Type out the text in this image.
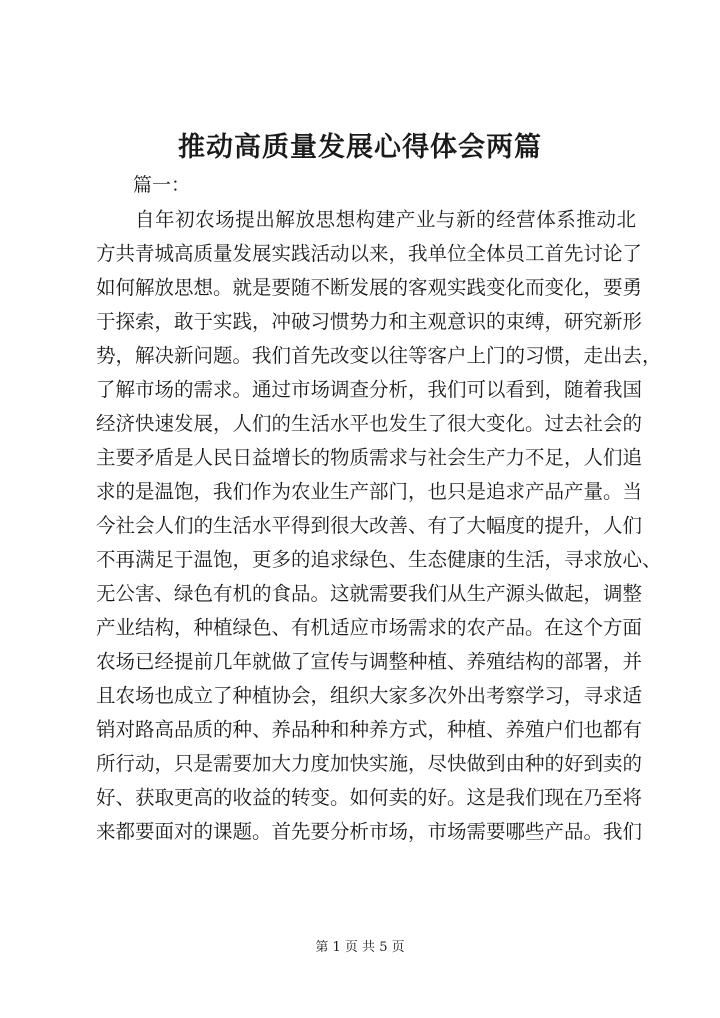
推动高质量发展心得体会两篇
篇一：
自年初农场提出解放思想构建产业与新的经营体系推动北
方共青城高质量发展实践活动以来，我单位全体员工首先讨论了
如何解放思想。就是要随不断发展的客观实践变化而变化，要勇
于探索，敢于实践，冲破习惯势力和主观意识的束缚，研究新形
势，解决新问题。我们首先改变以往等客户上门的习惯，走出去，
了解市场的需求。通过市场调查分析，我们可以看到，随着我国
经济快速发展，人们的生活水平也发生了很大变化。过去社会的
主要矛盾是人民日益增长的物质需求与社会生产力不足，人们追
求的是温饱，我们作为农业生产部门，也只是追求产品产量。当
今社会人们的生活水平得到很大改善、有了大幅度的提升，人们
不再满足于温饱，更多的追求绿色、生态健康的生活，寻求放心、
无公害、绿色有机的食品。这就需要我们从生产源头做起，调整
产业结构，种植绿色、有机适应市场需求的农产品。在这个方面
农场已经提前几年就做了宣传与调整种植、养殖结构的部署，并
且农场也成立了种植协会，组织大家多次外出考察学习，寻求适
销对路高品质的种、养品种和种养方式，种植、养殖户们也都有
所行动，只是需要加大力度加快实施，尽快做到由种的好到卖的
好、获取更高的收益的转变。如何卖的好。这是我们现在乃至将
来都要面对的课题。首先要分析市场，市场需要哪些产品。我们
第 1 页 共 5 页
